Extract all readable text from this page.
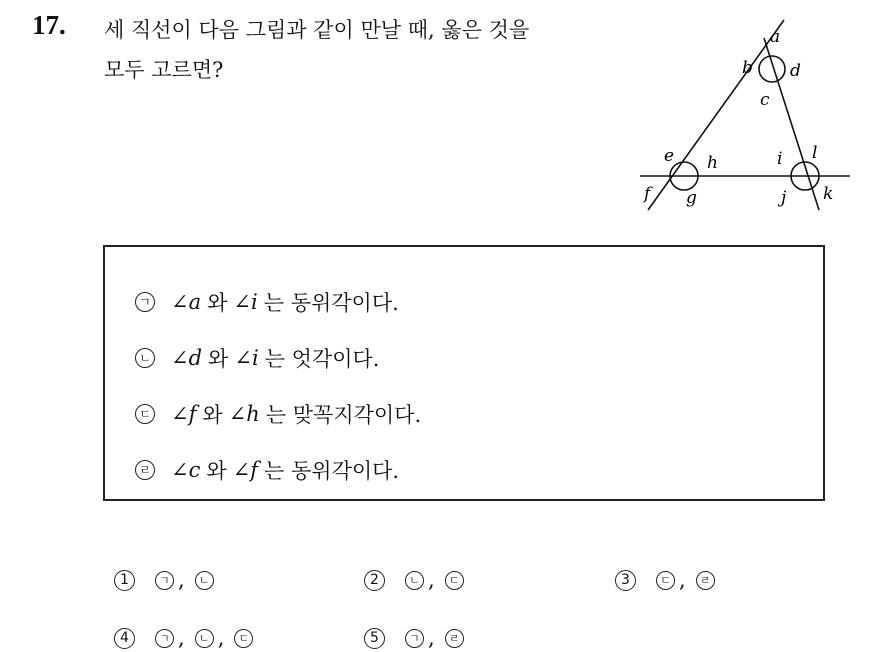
17. 세 직선이 다음 그림과 같이 만날 때, 옳은 것을
모두 고르면?
a
b
c
d
e
f g
h	i
j k
l
ㄱ ∠a 와 ∠i 는 동위각이다.
ㄴ ∠d 와 ∠i 는 엇각이다.
ㄷ ∠f 와 ∠h 는 맞꼭지각이다.
ㄹ ∠c 와 ∠f 는 동위각이다.
1	ㄱ ,	ㄴ	2	ㄴ ,	ㄷ	3	ㄷ ,	ㄹ
4	ㄱ ,	ㄴ ,	ㄷ	5	ㄱ ,	ㄹ
